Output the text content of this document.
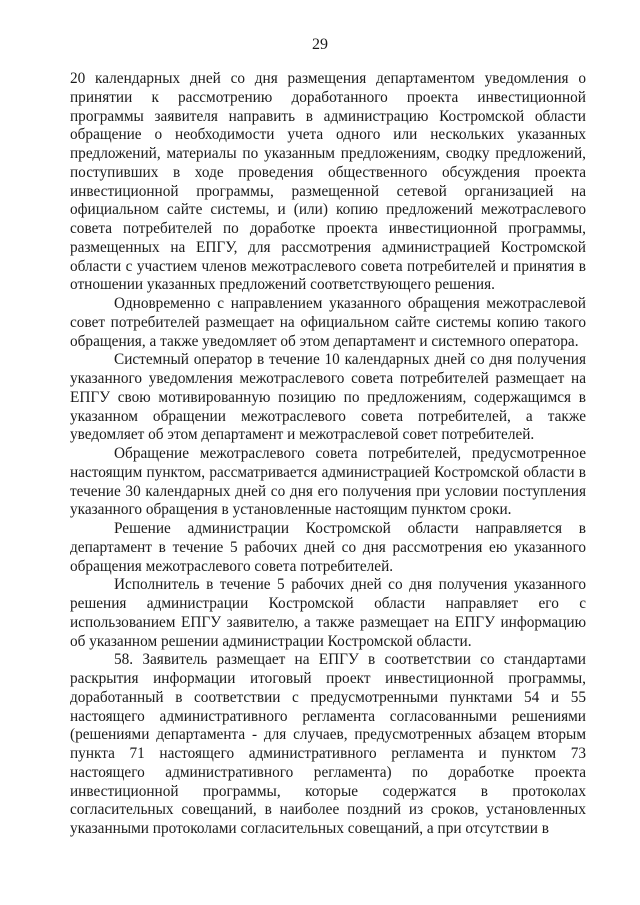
29

20 календарных дней со дня размещения департаментом уведомления о принятии к рассмотрению доработанного проекта инвестиционной программы заявителя направить в администрацию Костромской области обращение о необходимости учета одного или нескольких указанных предложений, материалы по указанным предложениям, сводку предложений, поступивших в ходе проведения общественного обсуждения проекта инвестиционной программы, размещенной сетевой организацией на официальном сайте системы, и (или) копию предложений межотраслевого совета потребителей по доработке проекта инвестиционной программы, размещенных на ЕПГУ, для рассмотрения администрацией Костромской области с участием членов межотраслевого совета потребителей и принятия в отношении указанных предложений соответствующего решения.

Одновременно с направлением указанного обращения межотраслевой совет потребителей размещает на официальном сайте системы копию такого обращения, а также уведомляет об этом департамент и системного оператора.

Системный оператор в течение 10 календарных дней со дня получения указанного уведомления межотраслевого совета потребителей размещает на ЕПГУ свою мотивированную позицию по предложениям, содержащимся в указанном обращении межотраслевого совета потребителей, а также уведомляет об этом департамент и межотраслевой совет потребителей.

Обращение межотраслевого совета потребителей, предусмотренное настоящим пунктом, рассматривается администрацией Костромской области в течение 30 календарных дней со дня его получения при условии поступления указанного обращения в установленные настоящим пунктом сроки.

Решение администрации Костромской области направляется в департамент в течение 5 рабочих дней со дня рассмотрения ею указанного обращения межотраслевого совета потребителей.

Исполнитель в течение 5 рабочих дней со дня получения указанного решения администрации Костромской области направляет его с использованием ЕПГУ заявителю, а также размещает на ЕПГУ информацию об указанном решении администрации Костромской области.

58. Заявитель размещает на ЕПГУ в соответствии со стандартами раскрытия информации итоговый проект инвестиционной программы, доработанный в соответствии с предусмотренными пунктами 54 и 55 настоящего административного регламента согласованными решениями (решениями департамента - для случаев, предусмотренных абзацем вторым пункта 71 настоящего административного регламента и пунктом 73 настоящего административного регламента) по доработке проекта инвестиционной программы, которые содержатся в протоколах согласительных совещаний, в наиболее поздний из сроков, установленных указанными протоколами согласительных совещаний, а при отсутствии в
